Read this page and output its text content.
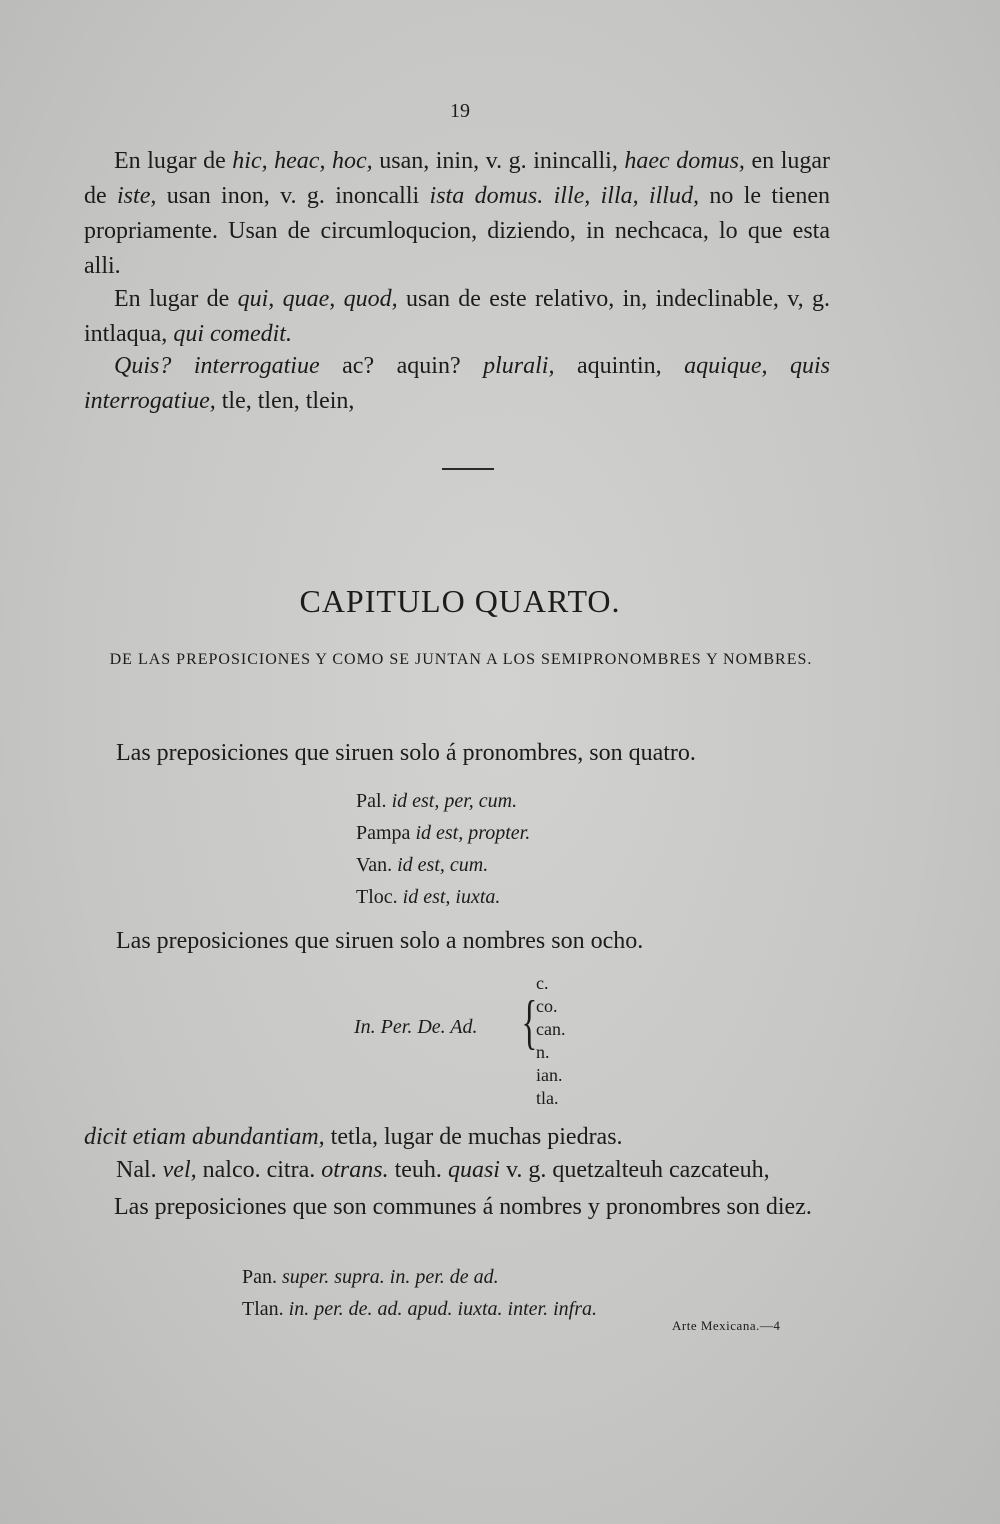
19

En lugar de hic, heac, hoc, usan, inin, v. g. inincalli, haec domus, en lugar de iste, usan inon, v. g. inoncalli ista domus. ille, illa, illud, no le tienen propriamente. Usan de circumloqucion, diziendo, in nechcaca, lo que esta alli.

En lugar de qui, quae, quod, usan de este relativo, in, indeclinable, v, g. intlaqua, qui comedit.

Quis? interrogatiue ac? aquin? plurali, aquintin, aquique, quis interrogatiue, tle, tlen, tlein,

CAPITULO QUARTO.
DE LAS PREPOSICIONES Y COMO SE JUNTAN A LOS SEMIPRONOMBRES Y NOMBRES.
Las preposiciones que siruen solo á pronombres, son quatro.
Pal. id est, per, cum.
Pampa id est, propter.
Van. id est, cum.
Tloc. id est, iuxta.
Las preposiciones que siruen solo a nombres son ocho.
In. Per. De. Ad. {
c.
co.
can.
n.
ian.
tla.
dicit etiam abundantiam, tetla, lugar de muchas piedras.
Nal. vel, nalco. citra. otrans. teuh. quasi v. g. quetzalteuh cazcateuh,

Las preposiciones que son communes á nombres y pronombres son diez.

Pan. super. supra. in. per. de ad.
Tlan. in. per. de. ad. apud. iuxta. inter. infra.
Arte Mexicana.—4
